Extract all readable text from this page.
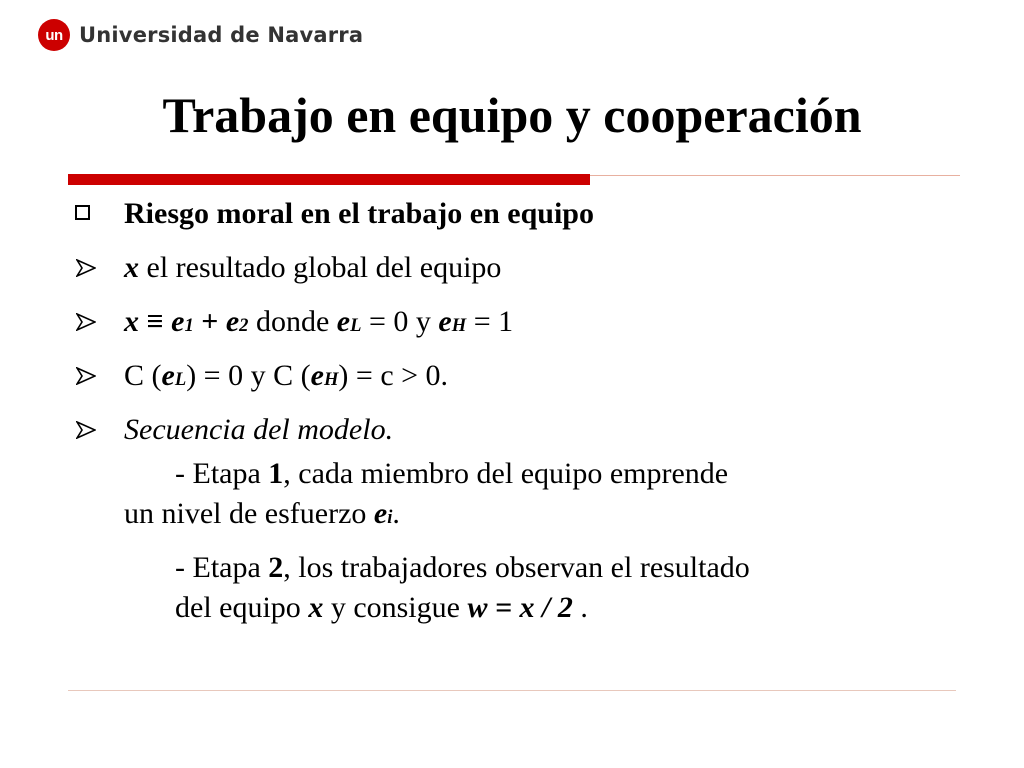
un Universidad de Navarra
Trabajo en equipo y cooperación
Riesgo moral en el trabajo en equipo
x el resultado global del equipo
x ≡ e1 + e2 donde eL = 0 y eH = 1
C (eL) = 0 y C (eH) = c > 0.
Secuencia del modelo.
- Etapa 1, cada miembro del equipo emprende
un nivel de esfuerzo ei.
- Etapa 2, los trabajadores observan el resultado
del equipo x y consigue w = x / 2 .
